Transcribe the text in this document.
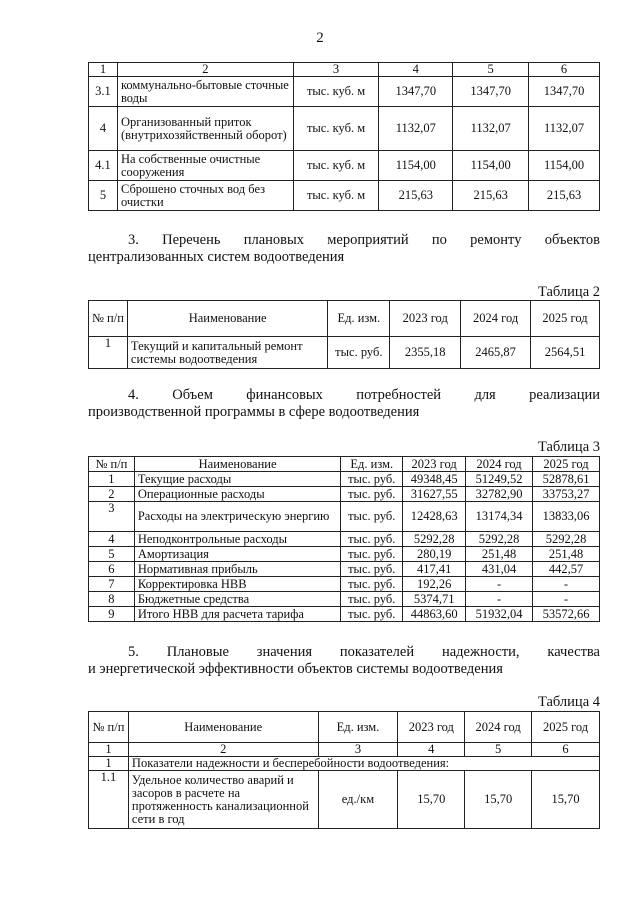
2
1	2	3	4	5	6
3.1	коммунально-бытовые сточные воды	тыс. куб. м	1347,70	1347,70	1347,70
4	Организованный приток (внутрихозяйственный оборот)	тыс. куб. м	1132,07	1132,07	1132,07
4.1	На собственные очистные сооружения	тыс. куб. м	1154,00	1154,00	1154,00
5	Сброшено сточных вод без очистки	тыс. куб. м	215,63	215,63	215,63
3. Перечень плановых мероприятий по ремонту объектов
централизованных систем водоотведения
Таблица 2
№ п/п	Наименование	Ед. изм.	2023 год	2024 год	2025 год
1	Текущий и капитальный ремонт системы водоотведения	тыс. руб.	2355,18	2465,87	2564,51
4. Объем финансовых потребностей для реализации
производственной программы в сфере водоотведения
Таблица 3
№ п/п	Наименование	Ед. изм.	2023 год	2024 год	2025 год
1	Текущие расходы	тыс. руб.	49348,45	51249,52	52878,61
2	Операционные расходы	тыс. руб.	31627,55	32782,90	33753,27
3	Расходы на электрическую энергию	тыс. руб.	12428,63	13174,34	13833,06
4	Неподконтрольные расходы	тыс. руб.	5292,28	5292,28	5292,28
5	Амортизация	тыс. руб.	280,19	251,48	251,48
6	Нормативная прибыль	тыс. руб.	417,41	431,04	442,57
7	Корректировка НВВ	тыс. руб.	192,26	-	-
8	Бюджетные средства	тыс. руб.	5374,71	-	-
9	Итого НВВ для расчета тарифа	тыс. руб.	44863,60	51932,04	53572,66
5. Плановые значения показателей надежности, качества
и энергетической эффективности объектов системы водоотведения
Таблица 4
№ п/п	Наименование	Ед. изм.	2023 год	2024 год	2025 год
1	2	3	4	5	6
1	Показатели надежности и бесперебойности водоотведения:				
1.1	Удельное количество аварий и засоров в расчете на протяженность канализационной сети в год	ед./км	15,70	15,70	15,70
